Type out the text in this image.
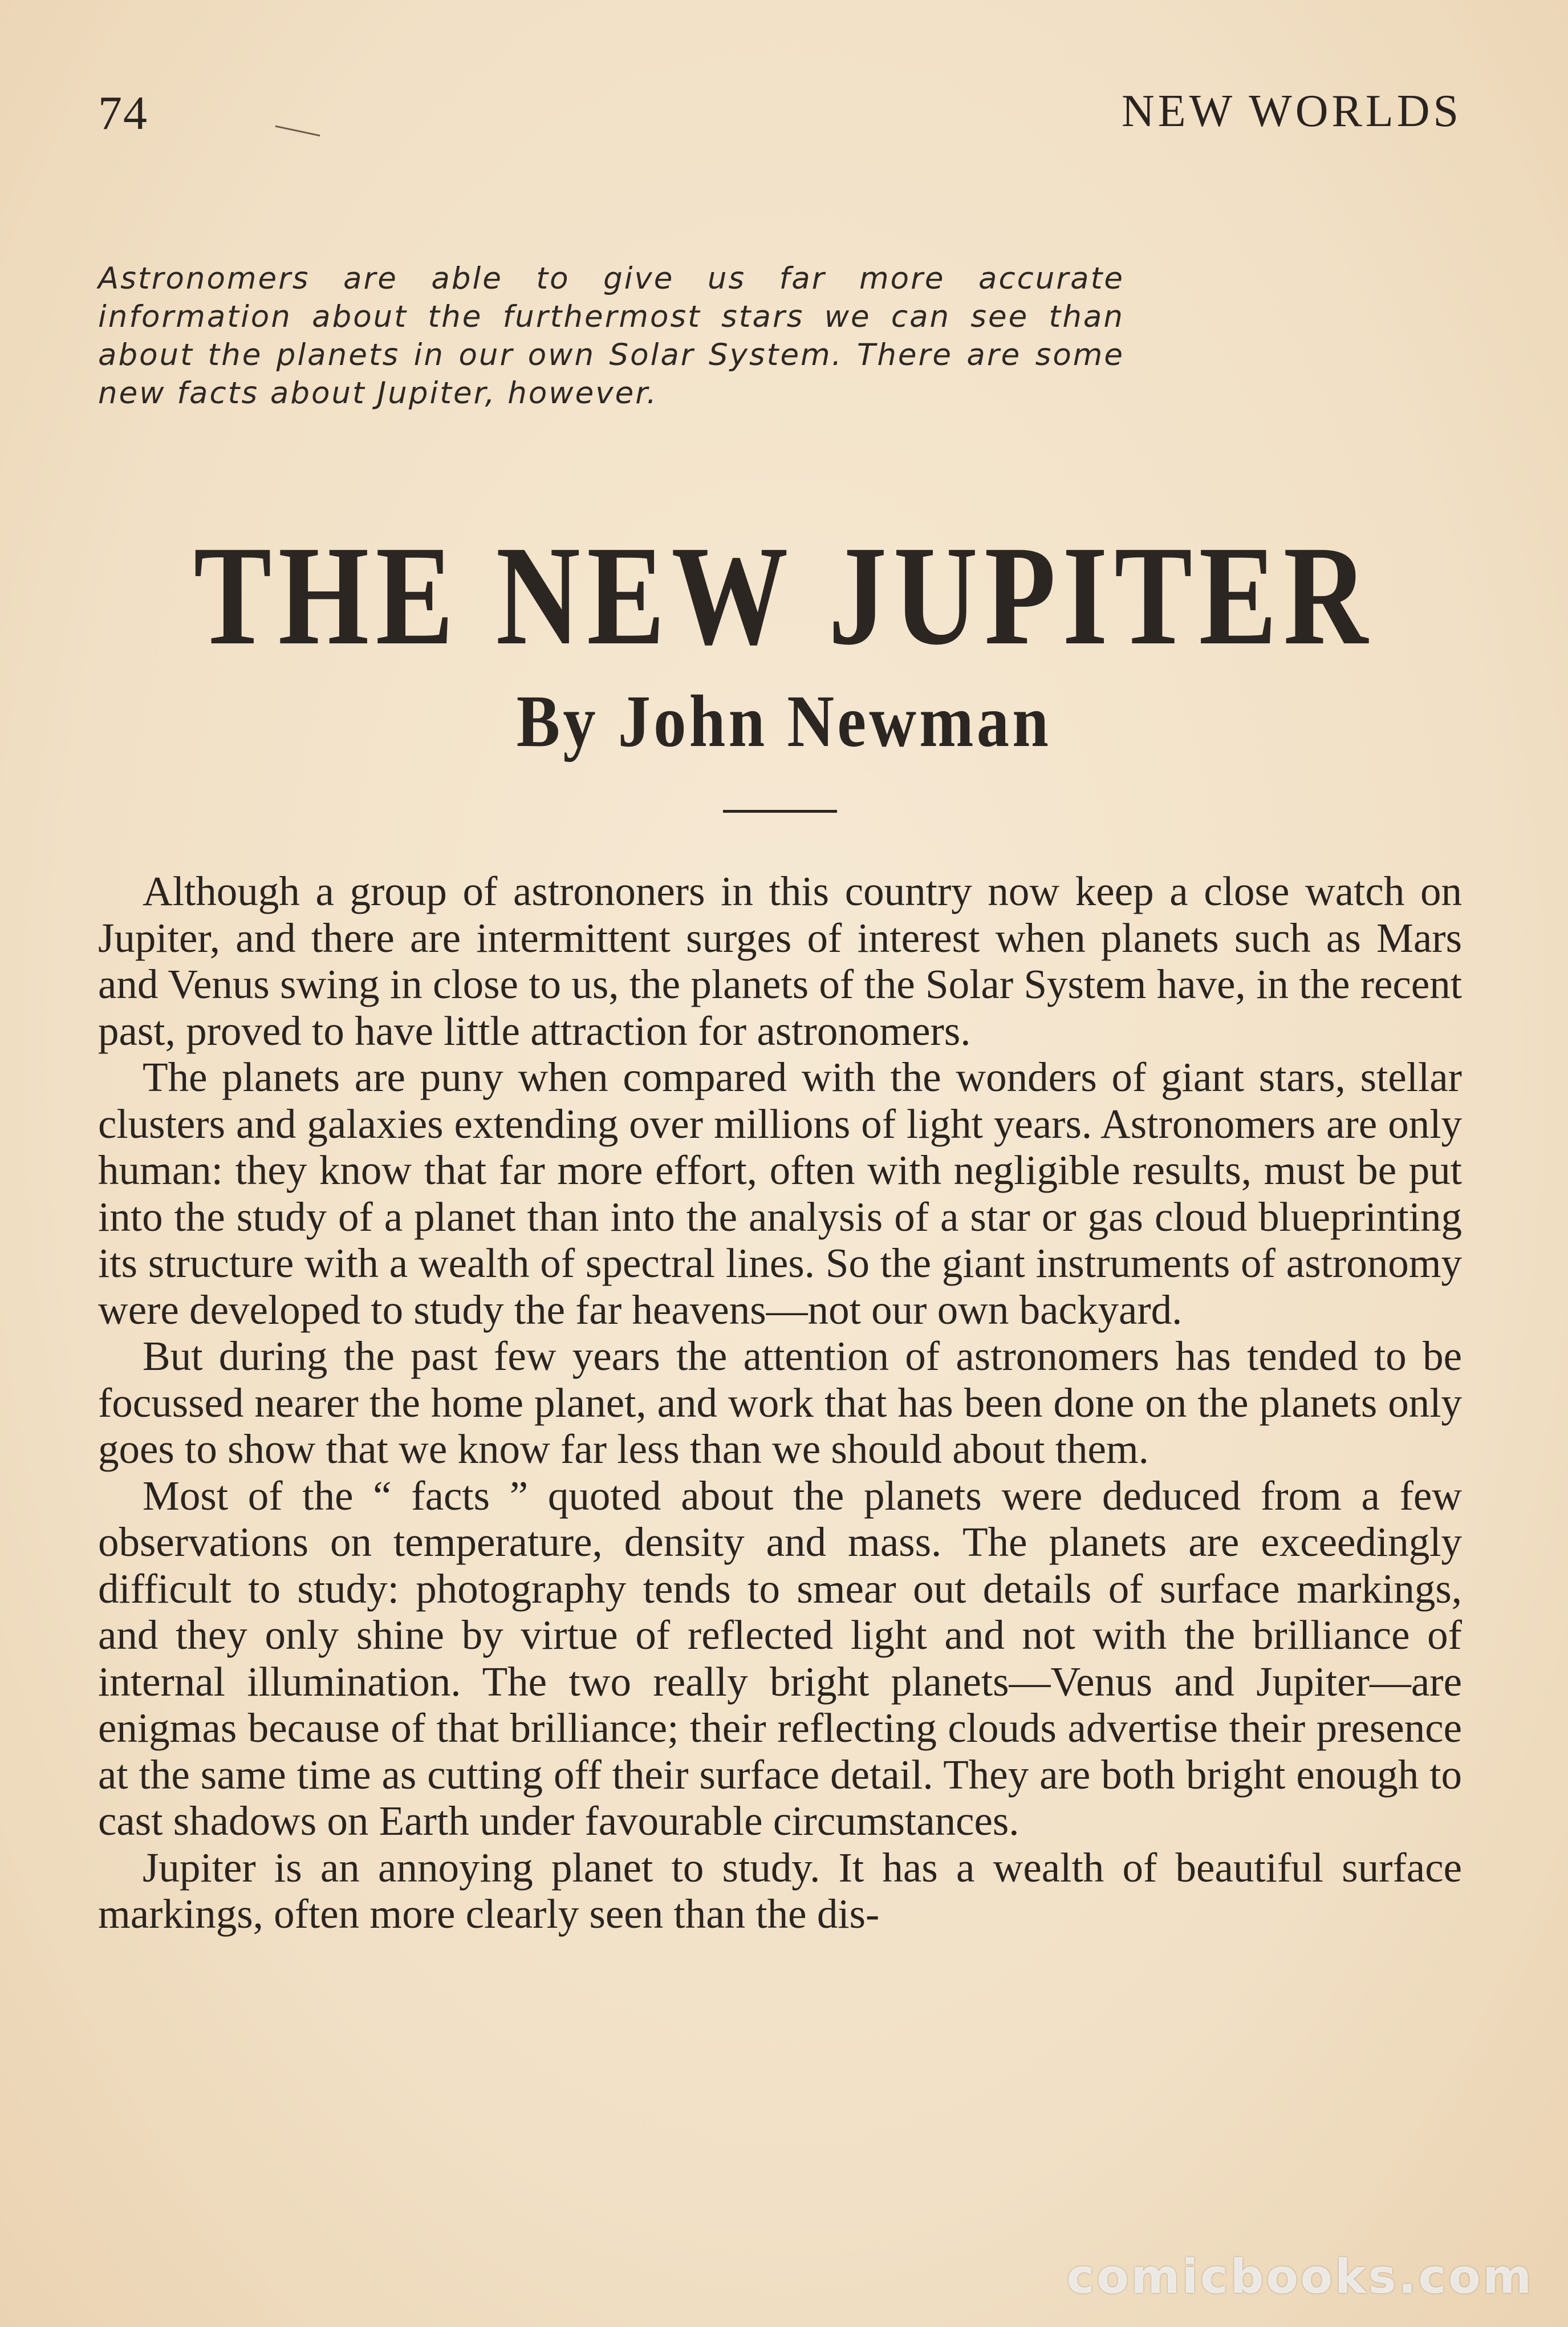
74	NEW WORLDS
Astronomers are able to give us far more accurate information about the furthermost stars we can see than about the planets in our own Solar System. There are some new facts about Jupiter, however.
THE NEW JUPITER
By John Newman

Although a group of astrononers in this country now keep a close watch on Jupiter, and there are intermittent surges of interest when planets such as Mars and Venus swing in close to us, the planets of the Solar System have, in the recent past, proved to have little attraction for astronomers.

The planets are puny when compared with the wonders of giant stars, stellar clusters and galaxies extending over millions of light years. Astronomers are only human: they know that far more effort, often with negligible results, must be put into the study of a planet than into the analysis of a star or gas cloud blueprinting its structure with a wealth of spectral lines. So the giant instruments of astronomy were developed to study the far heavens—not our own backyard.

But during the past few years the attention of astronomers has tended to be focussed nearer the home planet, and work that has been done on the planets only goes to show that we know far less than we should about them.

Most of the “ facts ” quoted about the planets were deduced from a few observations on temperature, density and mass. The planets are exceedingly difficult to study: photography tends to smear out details of surface markings, and they only shine by virtue of reflected light and not with the brilliance of internal illumination. The two really bright planets—Venus and Jupiter—are enigmas because of that brilliance; their reflecting clouds advertise their presence at the same time as cutting off their surface detail. They are both bright enough to cast shadows on Earth under favourable circumstances.

Jupiter is an annoying planet to study. It has a wealth of beautiful surface markings, often more clearly seen than the dis-

comicbooks.com
